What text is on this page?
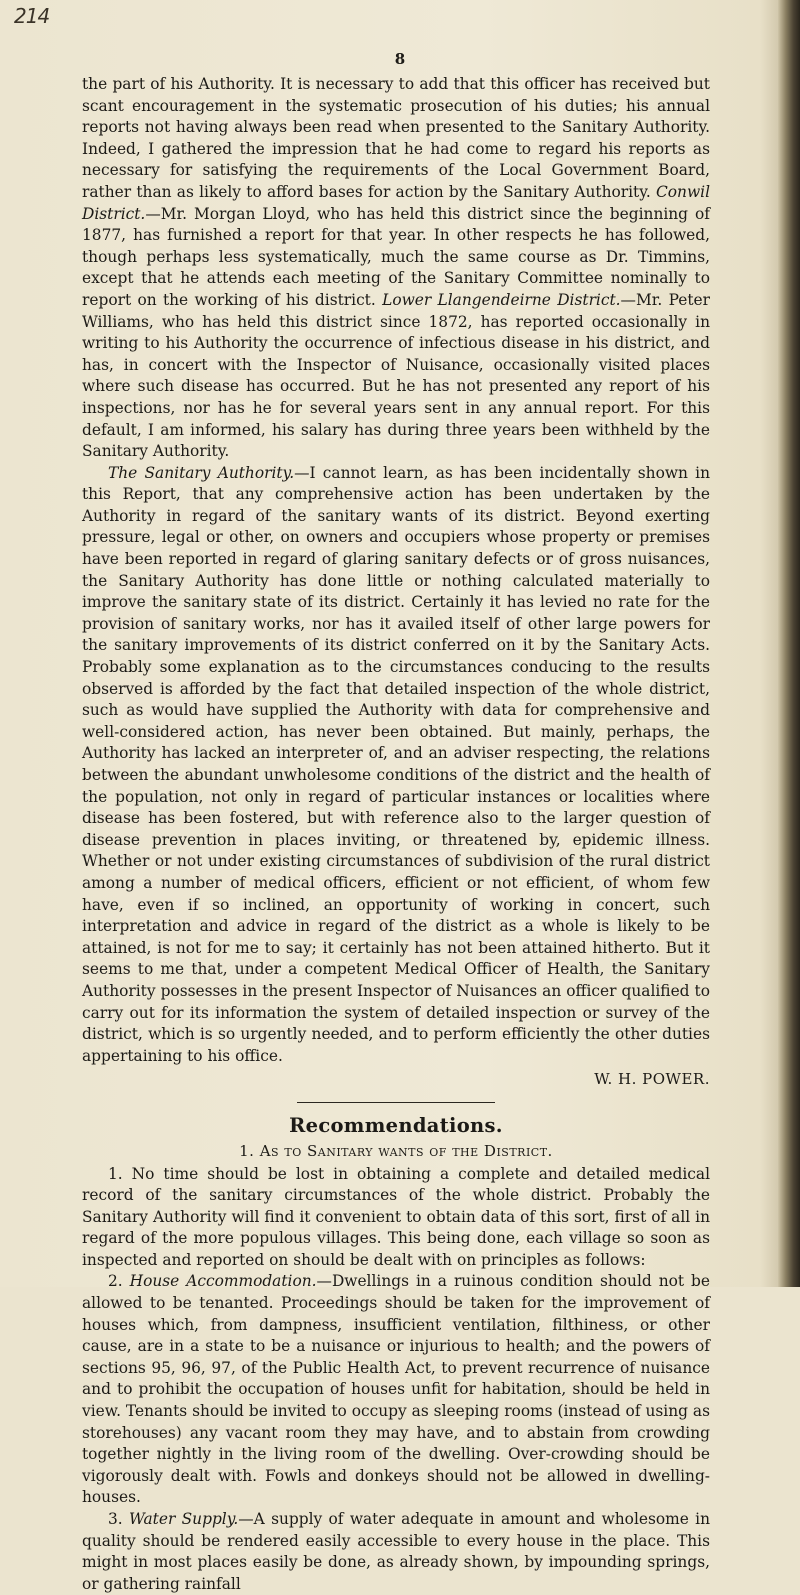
214
8

the part of his Authority. It is necessary to add that this officer has received but scant encouragement in the systematic prosecution of his duties; his annual reports not having always been read when presented to the Sanitary Authority. Indeed, I gathered the impression that he had come to regard his reports as necessary for satisfying the requirements of the Local Government Board, rather than as likely to afford bases for action by the Sanitary Authority. Conwil District.—Mr. Morgan Lloyd, who has held this district since the beginning of 1877, has furnished a report for that year. In other respects he has followed, though perhaps less systematically, much the same course as Dr. Timmins, except that he attends each meeting of the Sanitary Committee nominally to report on the working of his district. Lower Llangendeirne District.—Mr. Peter Williams, who has held this district since 1872, has reported occasionally in writing to his Authority the occurrence of infectious disease in his district, and has, in concert with the Inspector of Nuisance, occasionally visited places where such disease has occurred. But he has not presented any report of his inspections, nor has he for several years sent in any annual report. For this default, I am informed, his salary has during three years been withheld by the Sanitary Authority.

The Sanitary Authority.—I cannot learn, as has been incidentally shown in this Report, that any comprehensive action has been undertaken by the Authority in regard of the sanitary wants of its district. Beyond exerting pressure, legal or other, on owners and occupiers whose property or premises have been reported in regard of glaring sanitary defects or of gross nuisances, the Sanitary Authority has done little or nothing calculated materially to improve the sanitary state of its district. Certainly it has levied no rate for the provision of sanitary works, nor has it availed itself of other large powers for the sanitary improvements of its district conferred on it by the Sanitary Acts. Probably some explanation as to the circumstances conducing to the results observed is afforded by the fact that detailed inspection of the whole district, such as would have supplied the Authority with data for comprehensive and well-considered action, has never been obtained. But mainly, perhaps, the Authority has lacked an interpreter of, and an adviser respecting, the relations between the abundant unwholesome conditions of the district and the health of the population, not only in regard of particular instances or localities where disease has been fostered, but with reference also to the larger question of disease prevention in places inviting, or threatened by, epidemic illness. Whether or not under existing circumstances of subdivision of the rural district among a number of medical officers, efficient or not efficient, of whom few have, even if so inclined, an opportunity of working in concert, such interpretation and advice in regard of the district as a whole is likely to be attained, is not for me to say; it certainly has not been attained hitherto. But it seems to me that, under a competent Medical Officer of Health, the Sanitary Authority possesses in the present Inspector of Nuisances an officer qualified to carry out for its information the system of detailed inspection or survey of the district, which is so urgently needed, and to perform efficiently the other duties appertaining to his office.

W. H. POWER.
Recommendations.
1. As to Sanitary wants of the District.

1. No time should be lost in obtaining a complete and detailed medical record of the sanitary circumstances of the whole district. Probably the Sanitary Authority will find it convenient to obtain data of this sort, first of all in regard of the more populous villages. This being done, each village so soon as inspected and reported on should be dealt with on principles as follows:

2. House Accommodation.—Dwellings in a ruinous condition should not be allowed to be tenanted. Proceedings should be taken for the improvement of houses which, from dampness, insufficient ventilation, filthiness, or other cause, are in a state to be a nuisance or injurious to health; and the powers of sections 95, 96, 97, of the Public Health Act, to prevent recurrence of nuisance and to prohibit the occupation of houses unfit for habitation, should be held in view. Tenants should be invited to occupy as sleeping rooms (instead of using as storehouses) any vacant room they may have, and to abstain from crowding together nightly in the living room of the dwelling. Over-crowding should be vigorously dealt with. Fowls and donkeys should not be allowed in dwelling-houses.

3. Water Supply.—A supply of water adequate in amount and wholesome in quality should be rendered easily accessible to every house in the place. This might in most places easily be done, as already shown, by impounding springs, or gathering rainfall
